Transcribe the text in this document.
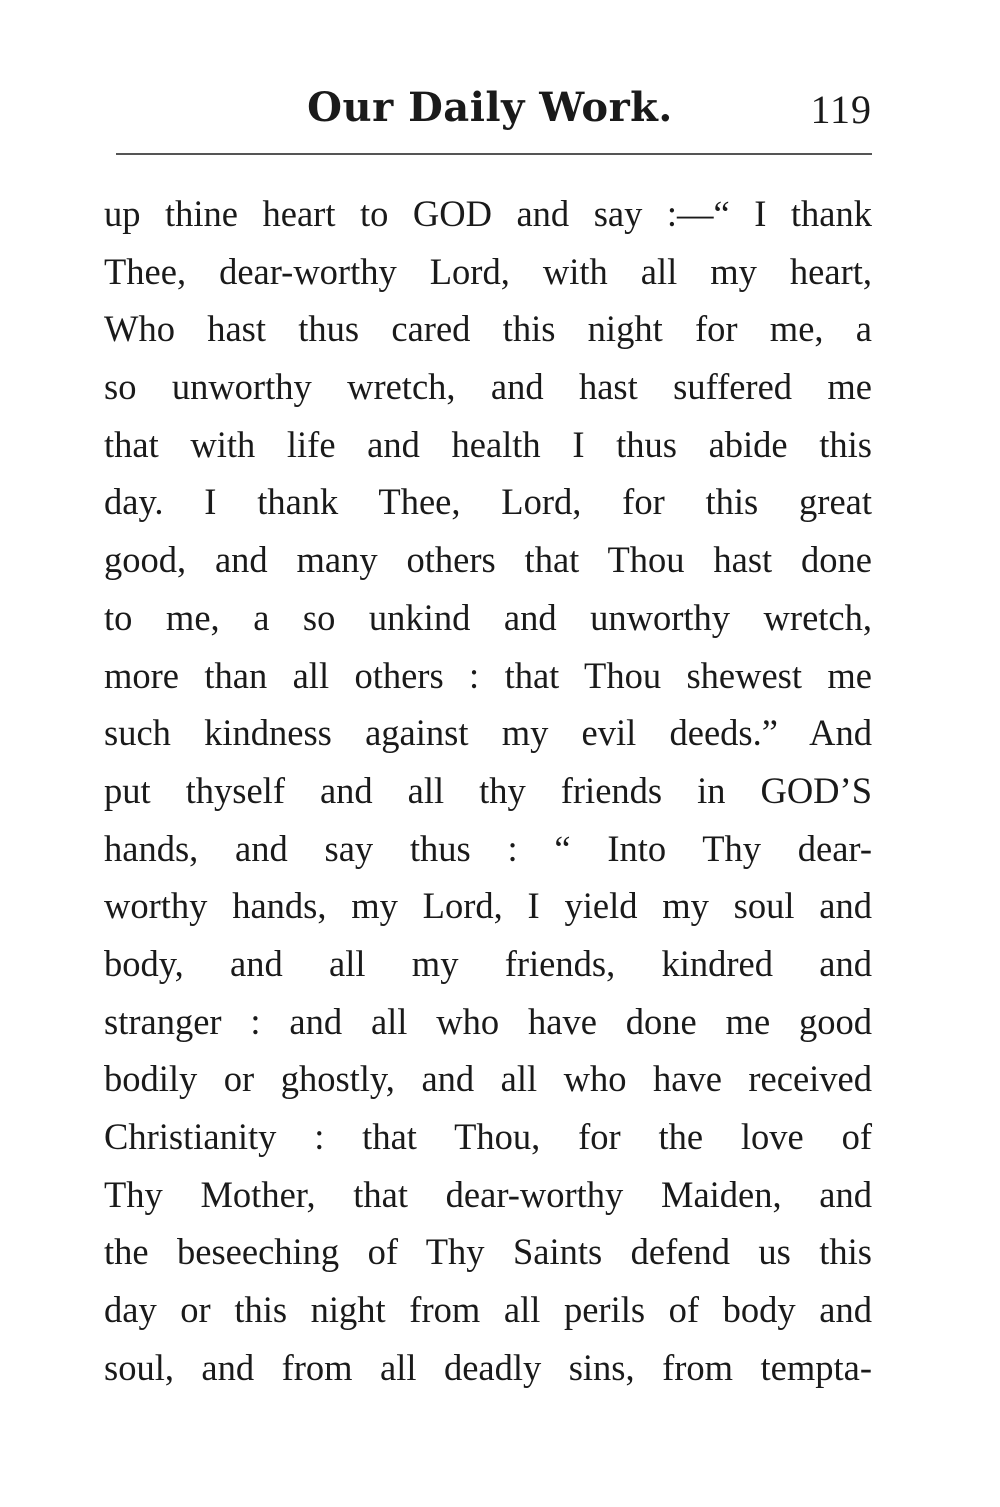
Our Daily Work.	119
up thine heart to GOD and say :—“ I thank
Thee, dear-worthy Lord, with all my heart,
Who hast thus cared this night for me, a
so unworthy wretch, and hast suffered me
that with life and health I thus abide this
day. I thank Thee, Lord, for this great
good, and many others that Thou hast done
to me, a so unkind and unworthy wretch,
more than all others : that Thou shewest me
such kindness against my evil deeds.” And
put thyself and all thy friends in GOD’S
hands, and say thus : “ Into Thy dear-
worthy hands, my Lord, I yield my soul and
body, and all my friends, kindred and
stranger : and all who have done me good
bodily or ghostly, and all who have received
Christianity : that Thou, for the love of
Thy Mother, that dear-worthy Maiden, and
the beseeching of Thy Saints defend us this
day or this night from all perils of body and
soul, and from all deadly sins, from tempta-
